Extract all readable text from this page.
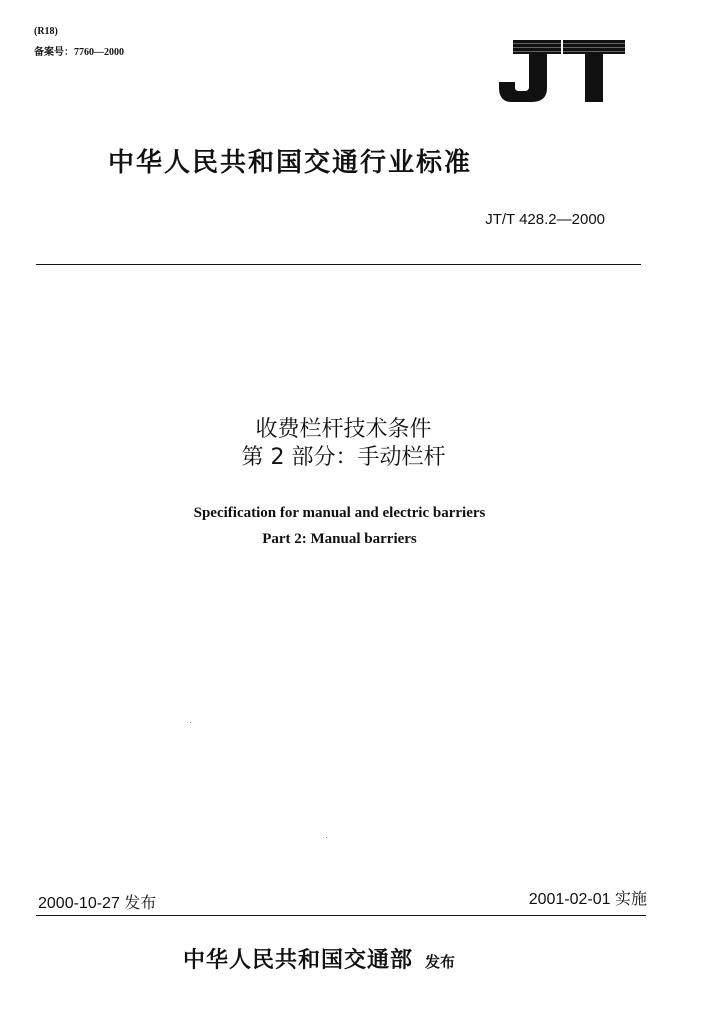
备案号：7760—2000
(R18)
中华人民共和国交通行业标准
JT/T 428.2—2000
收费栏杆技术条件
第 2 部分：手动栏杆
Specification for manual and electric barriers
Part 2: Manual barriers
2000-10-27 发布	2001-02-01 实施
中华人民共和国交通部 发布
